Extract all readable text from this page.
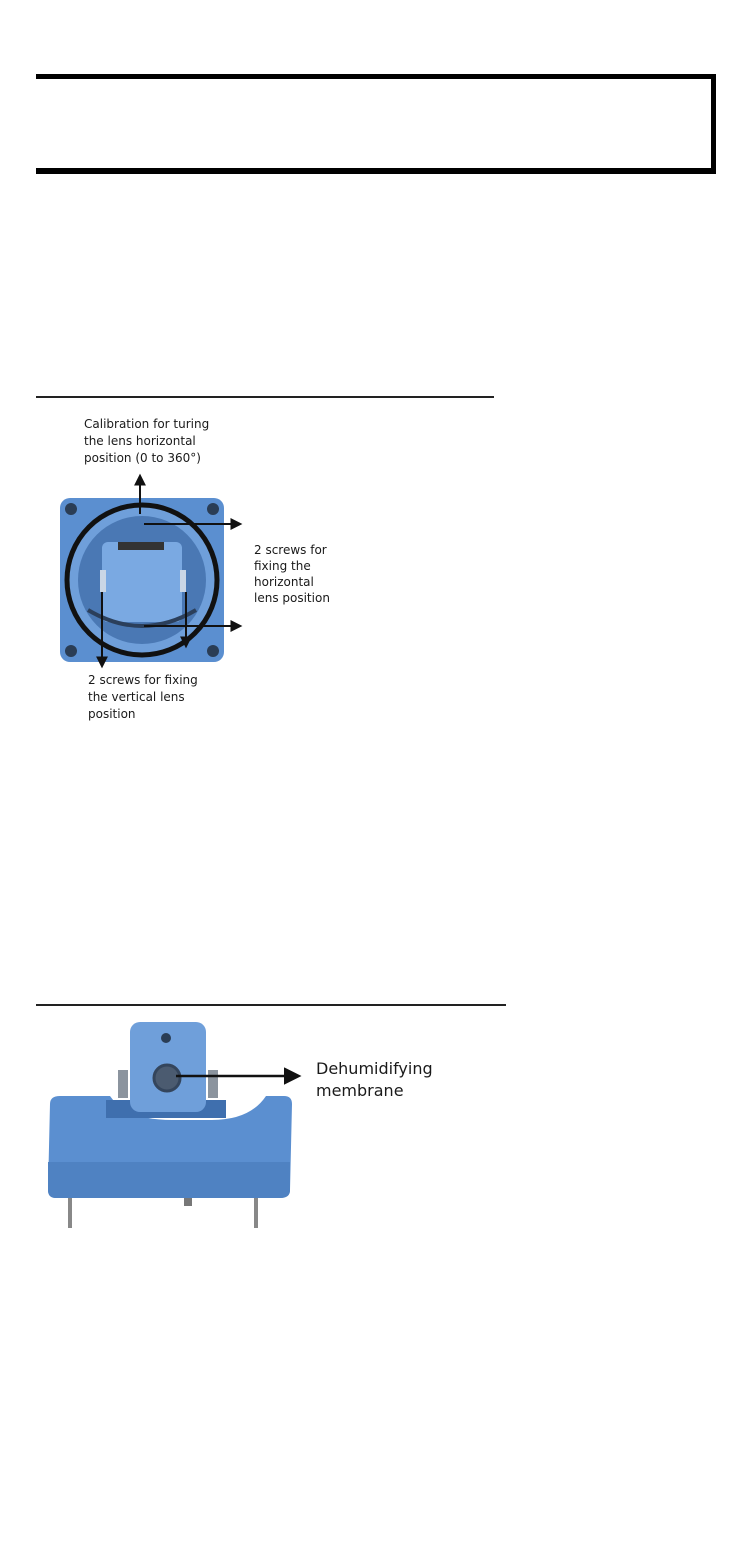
Calibration for turing
the lens horizontal
position (0 to 360°)
2 screws for
fixing the
horizontal
lens position
2 screws for fixing
the vertical lens
position
Dehumidifying
membrane
